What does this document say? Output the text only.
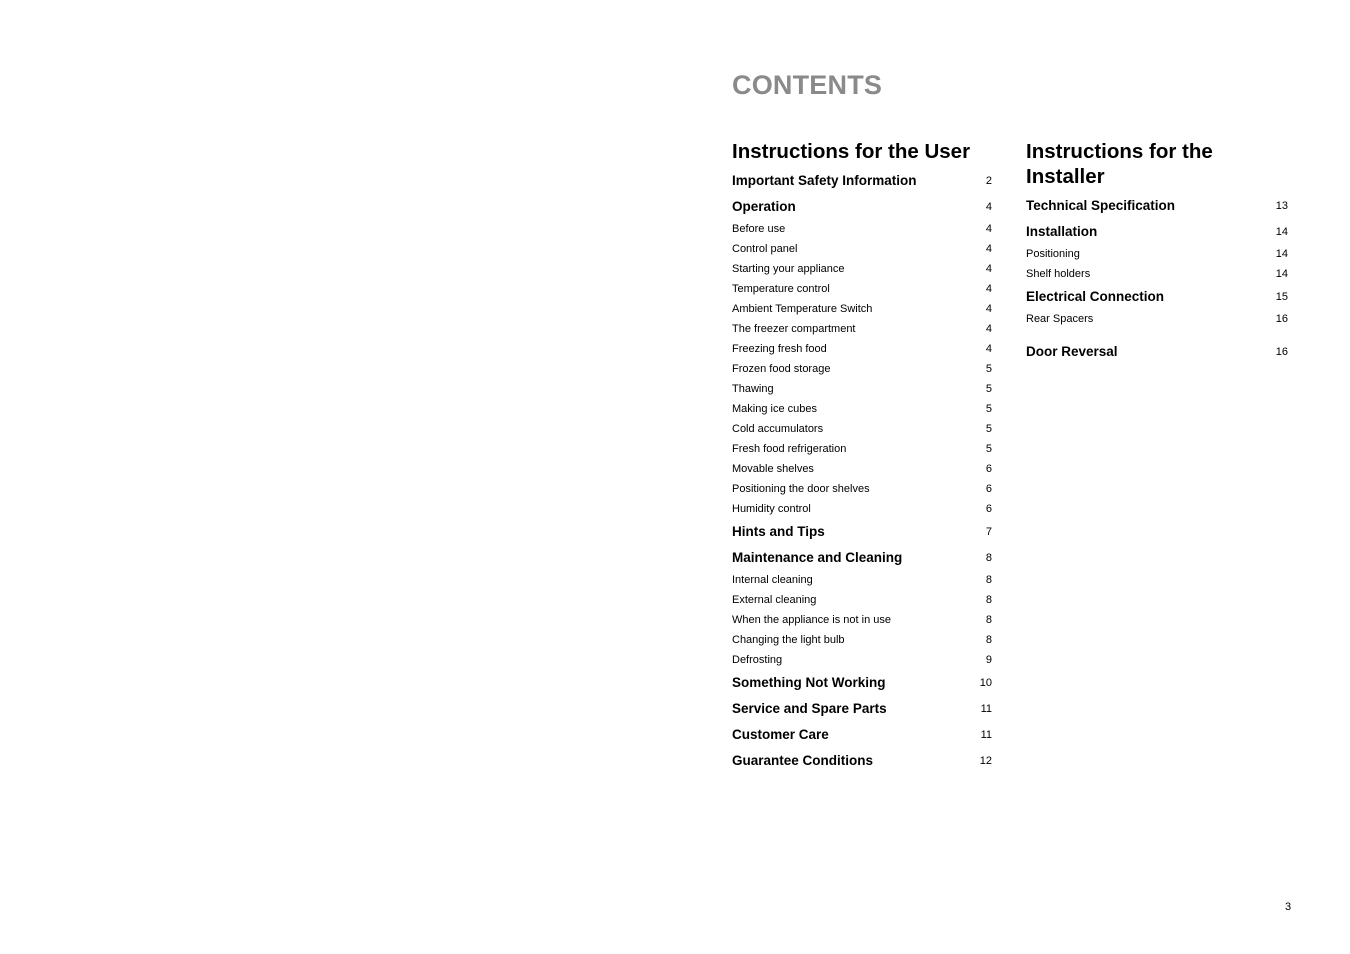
CONTENTS
Instructions for the User
Important Safety Information	2
Operation	4
Before use	4
Control panel	4
Starting your appliance	4
Temperature control	4
Ambient Temperature Switch	4
The freezer compartment	4
Freezing fresh food	4
Frozen food storage	5
Thawing	5
Making ice cubes	5
Cold accumulators	5
Fresh food refrigeration	5
Movable shelves	6
Positioning the door shelves	6
Humidity control	6
Hints and Tips	7
Maintenance and Cleaning	8
Internal cleaning	8
External cleaning	8
When the appliance is not in use	8
Changing the light bulb	8
Defrosting	9
Something Not Working	10
Service and Spare Parts	11
Customer Care	11
Guarantee Conditions	12
Instructions for the Installer
Technical Specification	13
Installation	14
Positioning	14
Shelf holders	14
Electrical Connection	15
Rear Spacers	16
Door Reversal	16
3
